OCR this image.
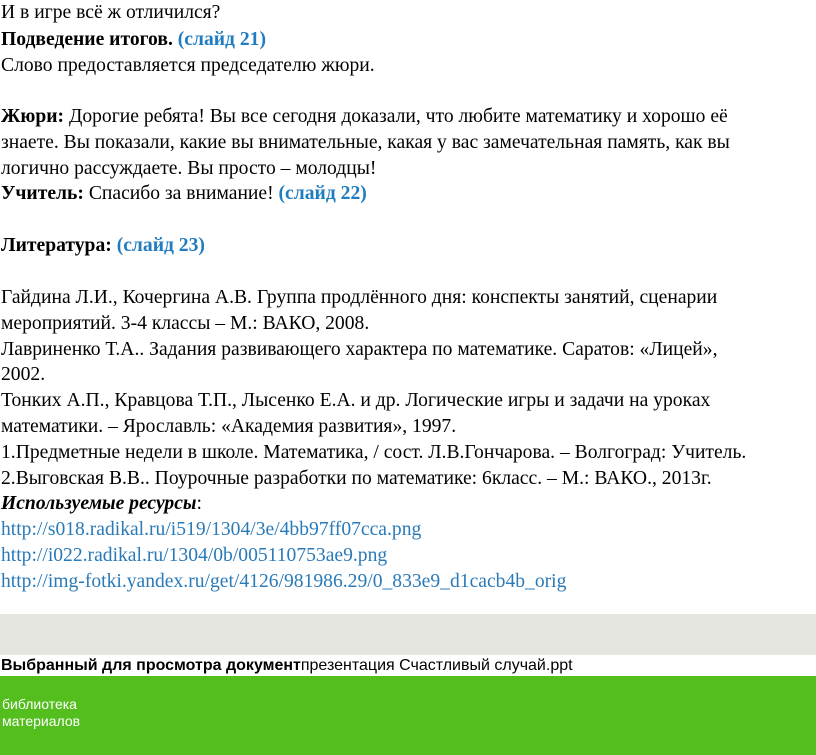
И в игре всё ж отличился?
Подведение итогов. (слайд 21)
Слово предоставляется председателю жюри.
Жюри: Дорогие ребята! Вы все сегодня доказали, что любите математику и хорошо её
знаете. Вы показали, какие вы внимательные, какая у вас замечательная память, как вы
логично рассуждаете. Вы просто – молодцы!
Учитель: Спасибо за внимание! (слайд 22)
Литература: (слайд 23)
Гайдина Л.И., Кочергина А.В. Группа продлённого дня: конспекты занятий, сценарии
мероприятий. 3-4 классы – М.: ВАКО, 2008.
Лавриненко Т.А.. Задания развивающего характера по математике. Саратов: «Лицей»,
2002.
Тонких А.П., Кравцова Т.П., Лысенко Е.А. и др. Логические игры и задачи на уроках
математики. – Ярославль: «Академия развития», 1997.
1.Предметные недели в школе. Математика, / сост. Л.В.Гончарова. – Волгоград: Учитель.
2.Выговская В.В.. Поурочные разработки по математике: 6класс. – М.: ВАКО., 2013г.
Используемые ресурсы:
http://s018.radikal.ru/i519/1304/3e/4bb97ff07cca.png
http://i022.radikal.ru/1304/0b/005110753ae9.png
http://img-fotki.yandex.ru/get/4126/981986.29/0_833e9_d1cacb4b_orig
Выбранный для просмотра документпрезентация Счастливый случай.ppt
библиотека
материалов
